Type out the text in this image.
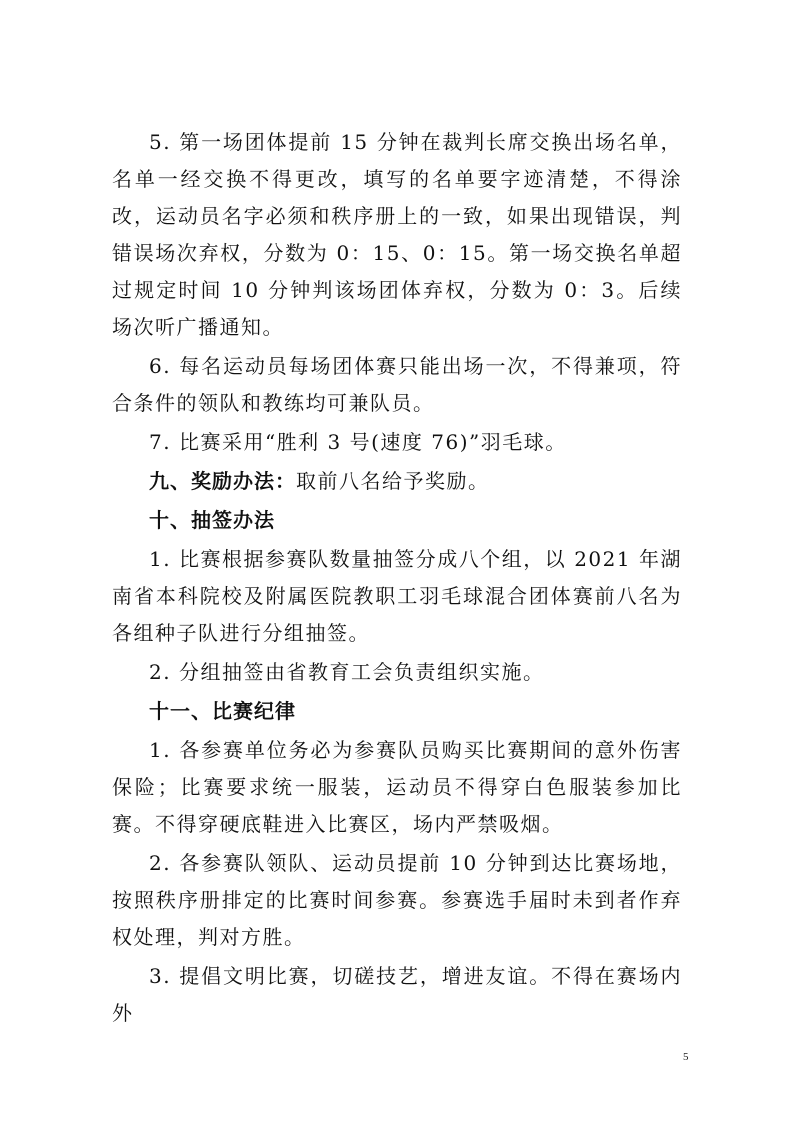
5. 第一场团体提前 15 分钟在裁判长席交换出场名单，名单一经交换不得更改，填写的名单要字迹清楚，不得涂改，运动员名字必须和秩序册上的一致，如果出现错误，判错误场次弃权，分数为 0：15、0：15。第一场交换名单超过规定时间 10 分钟判该场团体弃权，分数为 0：3。后续场次听广播通知。

6. 每名运动员每场团体赛只能出场一次，不得兼项，符合条件的领队和教练均可兼队员。

7. 比赛采用“胜利 3 号(速度 76)”羽毛球。

九、奖励办法：取前八名给予奖励。

十、抽签办法

1. 比赛根据参赛队数量抽签分成八个组，以 2021 年湖南省本科院校及附属医院教职工羽毛球混合团体赛前八名为各组种子队进行分组抽签。

2. 分组抽签由省教育工会负责组织实施。

十一、比赛纪律

1. 各参赛单位务必为参赛队员购买比赛期间的意外伤害保险；比赛要求统一服装，运动员不得穿白色服装参加比赛。不得穿硬底鞋进入比赛区，场内严禁吸烟。

2. 各参赛队领队、运动员提前 10 分钟到达比赛场地，按照秩序册排定的比赛时间参赛。参赛选手届时未到者作弃权处理，判对方胜。

3. 提倡文明比赛，切磋技艺，增进友谊。不得在赛场内外

5
